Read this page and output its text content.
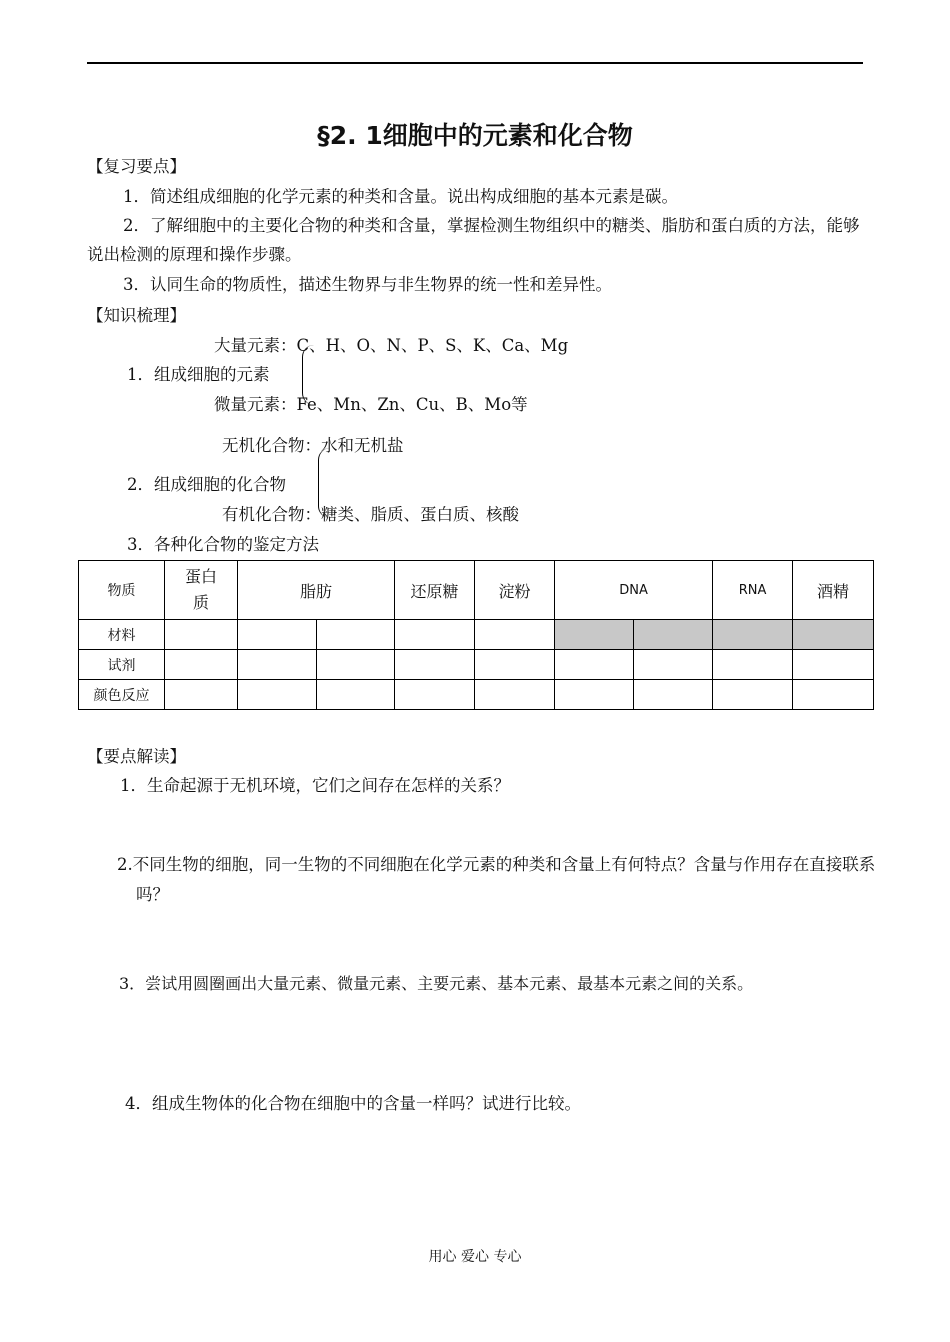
§2. 1细胞中的元素和化合物
【复习要点】
1．简述组成细胞的化学元素的种类和含量。说出构成细胞的基本元素是碳。
2．了解细胞中的主要化合物的种类和含量，掌握检测生物组织中的糖类、脂肪和蛋白质的方法，能够说出检测的原理和操作步骤。
3．认同生命的物质性，描述生物界与非生物界的统一性和差异性。
【知识梳理】
大量元素：C、H、O、N、P、S、K、Ca、Mg
1．组成细胞的元素
微量元素：Fe、Mn、Zn、Cu、B、Mo等
无机化合物：水和无机盐
2．组成细胞的化合物
有机化合物：糖类、脂质、蛋白质、核酸
3．各种化合物的鉴定方法
物质	蛋白质	脂肪		还原糖	淀粉	DNA		RNA	酒精
材料									
试剂									
颜色反应									
【要点解读】
1．生命起源于无机环境，它们之间存在怎样的关系？
2.不同生物的细胞，同一生物的不同细胞在化学元素的种类和含量上有何特点？含量与作用存在直接联系吗？
3．尝试用圆圈画出大量元素、微量元素、主要元素、基本元素、最基本元素之间的关系。
4．组成生物体的化合物在细胞中的含量一样吗？试进行比较。
用心 爱心 专心
